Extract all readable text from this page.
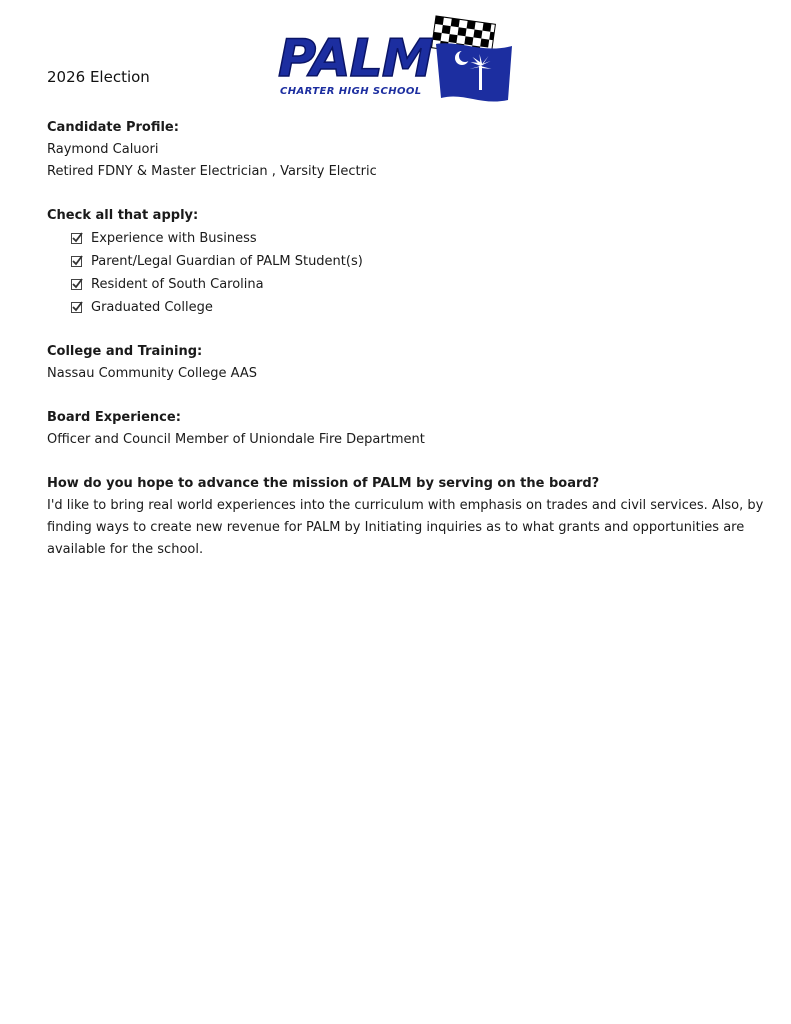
2026 Election PALM
CHARTER HIGH SCHOOL
Candidate Profile:
Raymond Caluori
Retired FDNY & Master Electrician , Varsity Electric
Check all that apply:
Experience with Business
Parent/Legal Guardian of PALM Student(s)
Resident of South Carolina
Graduated College
College and Training:
Nassau Community College AAS
Board Experience:
Officer and Council Member of Uniondale Fire Department
How do you hope to advance the mission of PALM by serving on the board?
I'd like to bring real world experiences into the curriculum with emphasis on trades and civil services. Also, by
finding ways to create new revenue for PALM by Initiating inquiries as to what grants and opportunities are
available for the school.
